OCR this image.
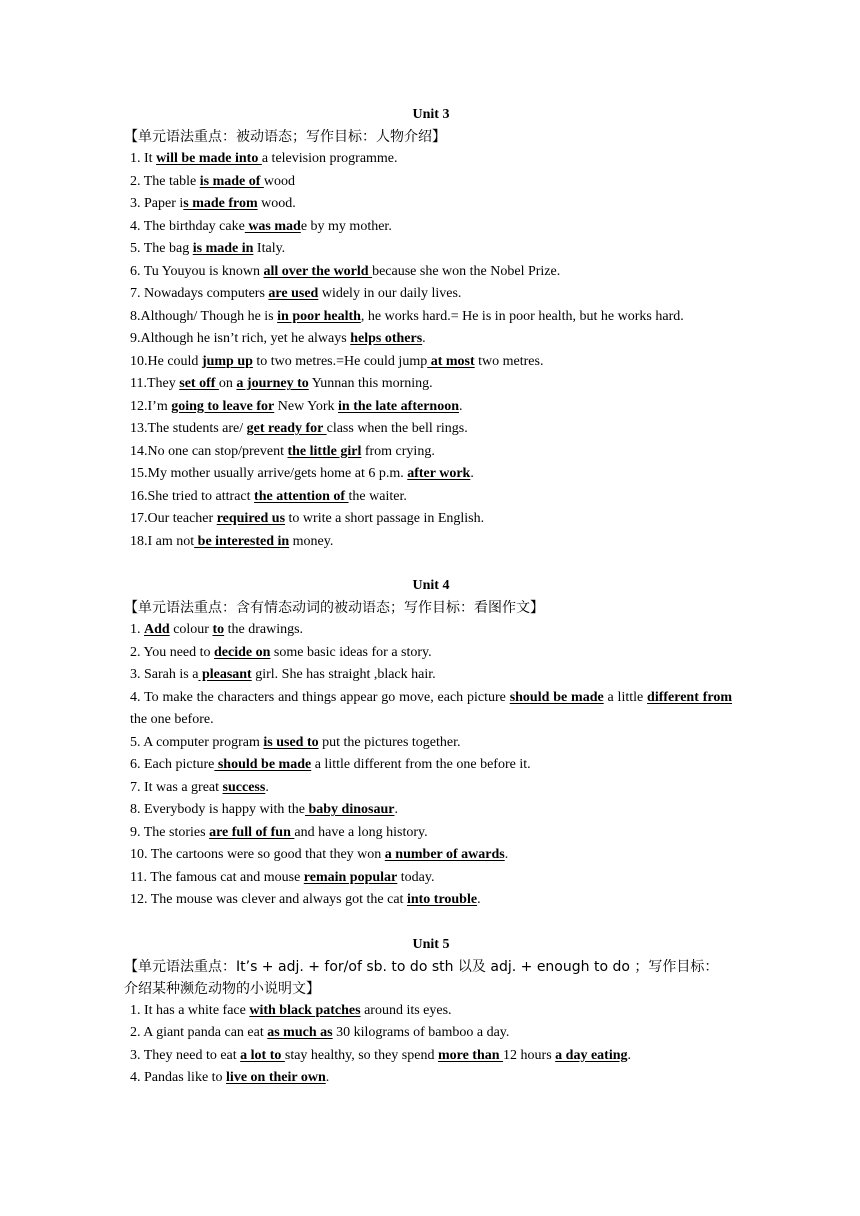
Unit 3
【单元语法重点：被动语态；写作目标：人物介绍】

1. It will be made into a television programme.

2. The table is made of wood

3. Paper is made from wood.

4. The birthday cake was made by my mother.

5. The bag is made in Italy.

6. Tu Youyou is known all over the world because she won the Nobel Prize.

7. Nowadays computers are used widely in our daily lives.

8.Although/ Though he is in poor health, he works hard.= He is in poor health, but he works hard.

9.Although he isn’t rich, yet he always helps others.

10.He could jump up to two metres.=He could jump at most two metres.

11.They set off on a journey to Yunnan this morning.

12.I’m going to leave for New York in the late afternoon.

13.The students are/ get ready for class when the bell rings.

14.No one can stop/prevent the little girl from crying.

15.My mother usually arrive/gets home at 6 p.m. after work.

16.She tried to attract the attention of the waiter.

17.Our teacher required us to write a short passage in English.

18.I am not be interested in money.

Unit 4
【单元语法重点：含有情态动词的被动语态；写作目标：看图作文】

1. Add colour to the drawings.

2. You need to decide on some basic ideas for a story.

3. Sarah is a pleasant girl. She has straight ,black hair.

4. To make the characters and things appear go move, each picture should be made a little different from the one before.

5. A computer program is used to put the pictures together.

6. Each picture should be made a little different from the one before it.

7. It was a great success.

8. Everybody is happy with the baby dinosaur.

9. The stories are full of fun and have a long history.

10. The cartoons were so good that they won a number of awards.

11. The famous cat and mouse remain popular today.

12. The mouse was clever and always got the cat into trouble.

Unit 5
【单元语法重点：It’s + adj. + for/of sb. to do sth 以及 adj. + enough to do ；写作目标：介绍某种濒危动物的小说明文】

1. It has a white face with black patches around its eyes.

2. A giant panda can eat as much as 30 kilograms of bamboo a day.

3. They need to eat a lot to stay healthy, so they spend more than 12 hours a day eating.

4. Pandas like to live on their own.
